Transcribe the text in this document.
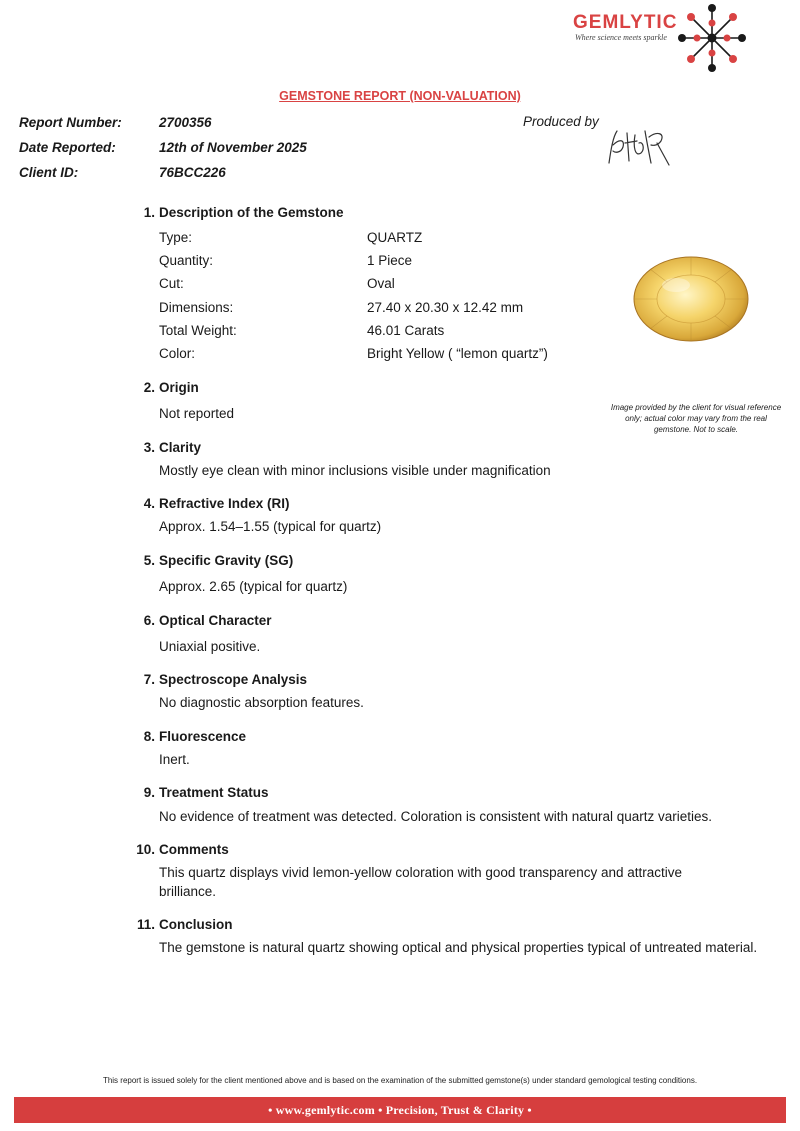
GEMLYTIC
Where science meets sparkle
GEMSTONE REPORT (NON-VALUATION)
Report Number:	2700356
Date Reported:	12th of November 2025
Client ID:	76BCC226
Produced by
1. Description of the Gemstone
Type:	QUARTZ
Quantity:	1 Piece
Cut:	Oval
Dimensions:	27.40 x 20.30 x 12.42 mm
Total Weight:	46.01 Carats
Color:	Bright Yellow ( “lemon quartz”)
Image provided by the client for visual reference only; actual color may vary from the real gemstone. Not to scale.
2. Origin
Not reported
3. Clarity
Mostly eye clean with minor inclusions visible under magnification
4. Refractive Index (RI)
Approx. 1.54–1.55 (typical for quartz)
5. Specific Gravity (SG)
Approx. 2.65 (typical for quartz)
6. Optical Character
Uniaxial positive.
7. Spectroscope Analysis
No diagnostic absorption features.
8. Fluorescence
Inert.
9. Treatment Status
No evidence of treatment was detected. Coloration is consistent with natural quartz varieties.
10. Comments
This quartz displays vivid lemon-yellow coloration with good transparency and attractive brilliance.
11. Conclusion
The gemstone is natural quartz showing optical and physical properties typical of untreated material.
This report is issued solely for the client mentioned above and is based on the examination of the submitted gemstone(s) under standard gemological testing conditions.
• www.gemlytic.com • Precision, Trust & Clarity •
